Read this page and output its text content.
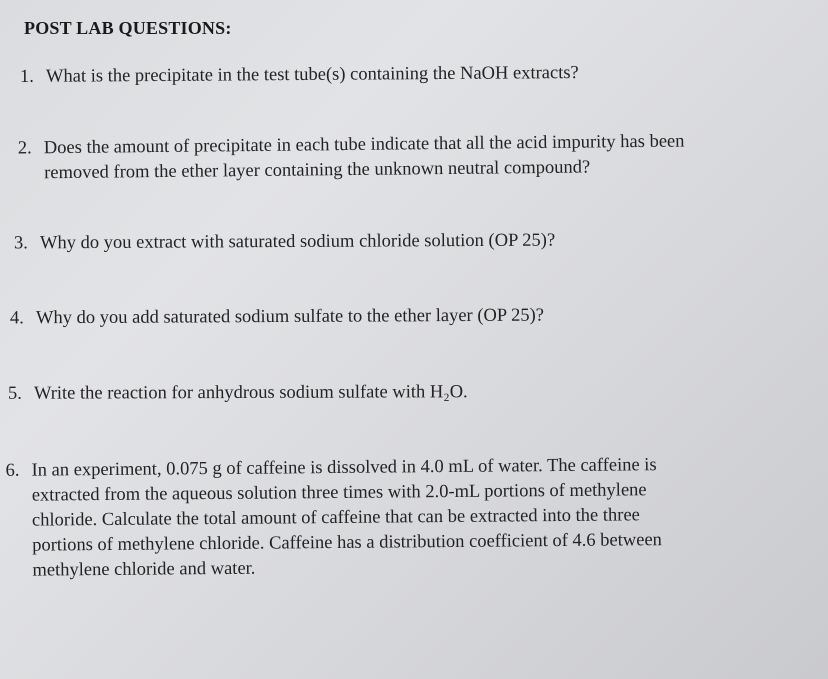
POST LAB QUESTIONS:
1. What is the precipitate in the test tube(s) containing the NaOH extracts?
2. Does the amount of precipitate in each tube indicate that all the acid impurity has been
removed from the ether layer containing the unknown neutral compound?
3. Why do you extract with saturated sodium chloride solution (OP 25)?
4. Why do you add saturated sodium sulfate to the ether layer (OP 25)?
5. Write the reaction for anhydrous sodium sulfate with H₂O.
6. In an experiment, 0.075 g of caffeine is dissolved in 4.0 mL of water. The caffeine is
extracted from the aqueous solution three times with 2.0-mL portions of methylene
chloride. Calculate the total amount of caffeine that can be extracted into the three
portions of methylene chloride. Caffeine has a distribution coefficient of 4.6 between
methylene chloride and water.
